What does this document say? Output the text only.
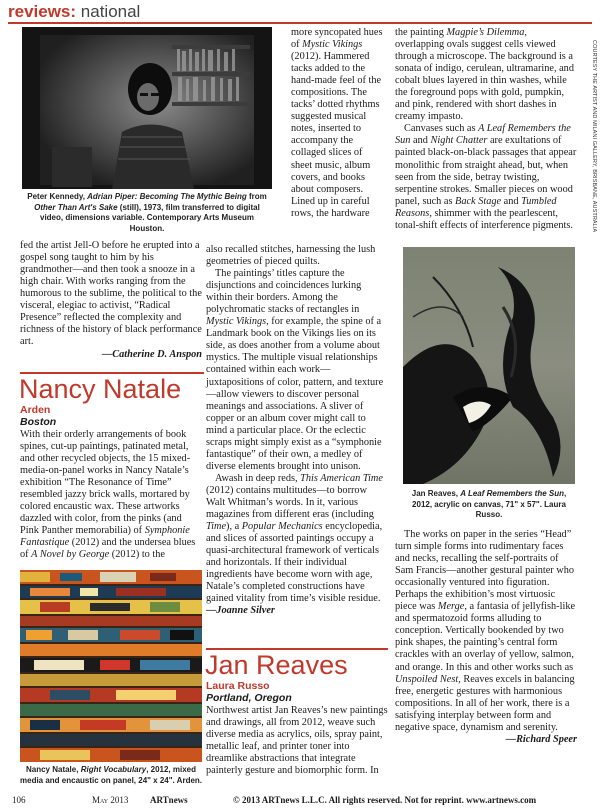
reviews: national
COURTESY THE ARTIST AND MILANI GALLERY, BRISBANE, AUSTRALIA
Peter Kennedy, Adrian Piper: Becoming The Mythic Being from Other Than Art's Sake (still), 1973, film transferred to digital video, dimensions variable. Contemporary Arts Museum Houston.

fed the artist Jell-O before he erupted into a gospel song taught to him by his grandmother—and then took a snooze in a high chair. With works ranging from the humorous to the sublime, the political to the visceral, elegiac to activist, “Radical Presence” reflected the complexity and richness of the history of black performance art.

—Catherine D. Anspon

Nancy Natale
Arden
Boston

With their orderly arrangements of book spines, cut-up paintings, patinated metal, and other recycled objects, the 15 mixed-media-on-panel works in Nancy Natale’s exhibition “The Resonance of Time” resembled jazzy brick walls, mortared by colored encaustic wax. These artworks dazzled with color, from the pinks (and Pink Panther memorabilia) of Symphonie Fantastique (2012) and the undersea blues of A Novel by George (2012) to the

Nancy Natale, Right Vocabulary, 2012, mixed media and encaustic on panel, 24" x 24". Arden.

more syncopated hues of Mystic Vikings (2012). Hammered tacks added to the hand-made feel of the compositions. The tacks’ dotted rhythms suggested musical notes, inserted to accompany the collaged slices of sheet music, album covers, and books about composers. Lined up in careful rows, the hardware

also recalled stitches, harnessing the lush geometries of pieced quilts.

The paintings’ titles capture the disjunctions and coincidences lurking within their borders. Among the polychromatic stacks of rectangles in Mystic Vikings, for example, the spine of a Landmark book on the Vikings lies on its side, as does another from a volume about mystics. The multiple visual relationships contained within each work—juxtapositions of color, pattern, and texture—allow viewers to discover personal meanings and associations. A sliver of copper or an album cover might call to mind a particular place. Or the eclectic scraps might simply exist as a “symphonie fantastique” of their own, a medley of diverse elements brought into unison.

Awash in deep reds, This American Time (2012) contains multitudes—to borrow Walt Whitman’s words. In it, various magazines from different eras (including Time), a Popular Mechanics encyclopedia, and slices of assorted paintings occupy a quasi-architectural framework of verticals and horizontals. If their individual ingredients have become worn with age, Natale’s completed constructions have gained vitality from time’s visible residue. —Joanne Silver

Jan Reaves
Laura Russo
Portland, Oregon
Northwest artist Jan Reaves’s new paintings and drawings, all from 2012, weave such diverse media as acrylics, oils, spray paint, metallic leaf, and printer toner into dreamlike abstractions that integrate painterly gesture and biomorphic form. In

the painting Magpie’s Dilemma, overlapping ovals suggest cells viewed through a microscope. The background is a sonata of indigo, cerulean, ultramarine, and cobalt blues layered in thin washes, while the foreground pops with gold, pumpkin, and pink, rendered with short dashes in creamy impasto.

Canvases such as A Leaf Remembers the Sun and Night Chatter are exultations of painted black-on-black passages that appear monolithic from straight ahead, but, when seen from the side, betray twisting, serpentine strokes. Smaller pieces on wood panel, such as Back Stage and Tumbled Reasons, shimmer with the pearlescent, tonal-shift effects of interference pigments.

Jan Reaves, A Leaf Remembers the Sun, 2012, acrylic on canvas, 71" x 57". Laura Russo.

The works on paper in the series “Head” turn simple forms into rudimentary faces and necks, recalling the self-portraits of Sam Francis—another gestural painter who occasionally ventured into figuration. Perhaps the exhibition’s most virtuosic piece was Merge, a fantasia of jellyfish-like and spermatozoid forms alluding to conception. Vertically bookended by two pink shapes, the painting’s central form crackles with an overlay of yellow, salmon, and orange. In this and other works such as Unspoiled Nest, Reaves excels in balancing free, energetic gestures with harmonious compositions. In all of her work, there is a satisfying interplay between form and negative space, dynamism and serenity.

—Richard Speer

106	May 2013 ARTnews	© 2013 ARTnews L.L.C. All rights reserved. Not for reprint. www.artnews.com
